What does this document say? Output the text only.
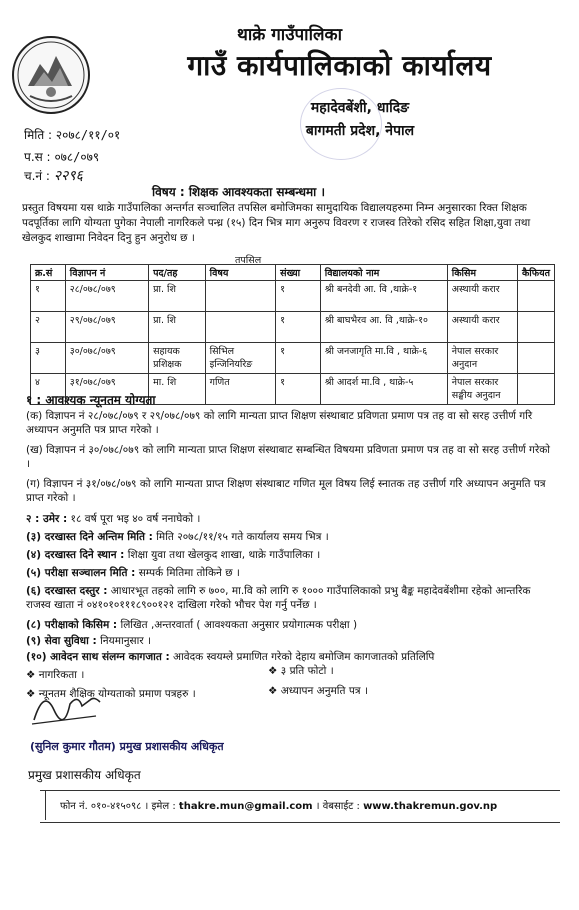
थाक्रे गाउँपालिका
गाउँ कार्यपालिकाको कार्यालय
महादेवबेंशी, धादिङ
बागमती प्रदेश, नेपाल
मिति : २०७८/११/०१
प.स : ०७८/०७९
च.नं : २२९६
विषय : शिक्षक आवश्यकता सम्बन्धमा ।
प्रस्तुत विषयमा यस थाक्रे गाउँपालिका अन्तर्गत सञ्चालित तपसिल बमोजिमका सामुदायिक विद्यालयहरुमा निम्न अनुसारका रिक्त शिक्षक पदपूर्तिका लागि योग्यता पुगेका नेपाली नागरिकले पन्ध्र (१५) दिन भित्र माग अनुरुप विवरण र राजस्व तिरेको रसिद सहित शिक्षा,युवा तथा खेलकुद शाखामा निवेदन दिनु हुन अनुरोध छ ।
तपसिल
क्र.सं	विज्ञापन नं	पद/तह	विषय	संख्या	विद्यालयको नाम	किसिम	कैफियत
१	२८/०७८/०७९	प्रा. शि		१	श्री बनदेवी आ. वि ,थाक्रे-१	अस्थायी करार	
२	२९/०७८/०७९	प्रा. शि		१	श्री बाघभैरव आ. वि ,थाक्रे-१०	अस्थायी करार	
३	३०/०७८/०७९	सहायक प्रशिक्षक	सिभिल इन्जिनियरिङ	१	श्री जनजागृति मा.वि , थाक्रे-६	नेपाल सरकार अनुदान	
४	३१/०७८/०७९	मा. शि	गणित	१	श्री आदर्श मा.वि , थाक्रे-५	नेपाल सरकार सङ्घीय अनुदान	
१ : आवश्यक न्यूनतम योग्यता
(क) विज्ञापन नं २८/०७८/०७९ र २९/०७८/०७९ को लागि मान्यता प्राप्त शिक्षण संस्थाबाट प्रविणता प्रमाण पत्र तह वा सो सरह उत्तीर्ण गरि अध्यापन अनुमति पत्र प्राप्त गरेको ।
(ख) विज्ञापन नं ३०/०७८/०७९ को लागि मान्यता प्राप्त शिक्षण संस्थाबाट सम्बन्धित विषयमा प्रविणता प्रमाण पत्र तह वा सो सरह उत्तीर्ण गरेको ।
(ग) विज्ञापन नं ३१/०७८/०७९ को लागि मान्यता प्राप्त शिक्षण संस्थाबाट गणित मूल विषय लिई स्नातक तह उत्तीर्ण गरि अध्यापन अनुमति पत्र प्राप्त गरेको ।
२ : उमेर : १८ वर्ष पूरा भइ ४० वर्ष ननाघेको ।
(३) दरखास्त दिने अन्तिम मिति : मिति २०७८/११/१५ गते कार्यालय समय भित्र ।
(४) दरखास्त दिने स्थान : शिक्षा युवा तथा खेलकुद शाखा, थाक्रे गाउँपालिका ।
(५) परीक्षा सञ्चालन मिति : सम्पर्क मितिमा तोकिने छ ।
(६) दरखास्त दस्तुर : आधारभूत तहको लागि रु ७००, मा.वि को लागि रु १००० गाउँपालिकाको प्रभु बैङ्क महादेवबेंशीमा रहेको आन्तरिक राजस्व खाता नं ०४१०१०१११८९००१२१ दाखिला गरेको भौचर पेश गर्नु पर्नेछ ।
(८) परीक्षाको किसिम : लिखित ,अन्तरवार्ता ( आवश्यकता अनुसार प्रयोगात्मक परीक्षा )
(९) सेवा सुविधा : नियमानुसार ।
(१०) आवेदन साथ संलग्न कागजात : आवेदक स्वयम्ले प्रमाणित गरेको देहाय बमोजिम कागजातको प्रतिलिपि
❖ नागरिकता ।	❖ ३ प्रति फोटो ।
❖ न्यूनतम शैक्षिक योग्यताको प्रमाण पत्रहरु ।	❖ अध्यापन अनुमति पत्र ।
(सुनिल कुमार गौतम) प्रमुख प्रशासकीय अधिकृत
प्रमुख प्रशासकीय अधिकृत
फोन नं. ०१०-४१५०९८ । इमेल : thakre.mun@gmail.com । वेबसाईट : www.thakremun.gov.np
